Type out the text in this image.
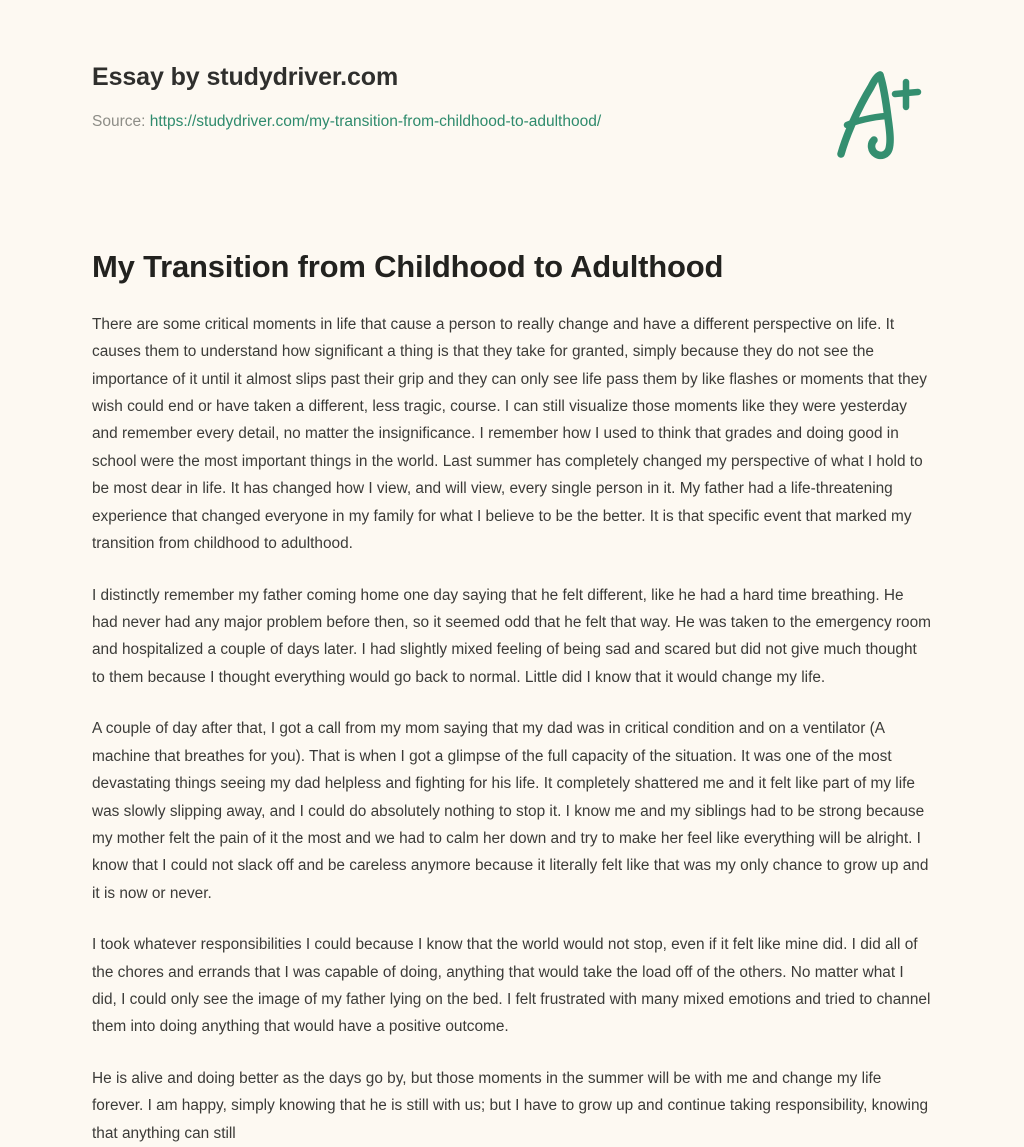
Essay by studydriver.com
Source: https://studydriver.com/my-transition-from-childhood-to-adulthood/
My Transition from Childhood to Adulthood

There are some critical moments in life that cause a person to really change and have a different perspective on life. It causes them to understand how significant a thing is that they take for granted, simply because they do not see the importance of it until it almost slips past their grip and they can only see life pass them by like flashes or moments that they wish could end or have taken a different, less tragic, course. I can still visualize those moments like they were yesterday and remember every detail, no matter the insignificance. I remember how I used to think that grades and doing good in school were the most important things in the world. Last summer has completely changed my perspective of what I hold to be most dear in life. It has changed how I view, and will view, every single person in it. My father had a life-threatening experience that changed everyone in my family for what I believe to be the better. It is that specific event that marked my transition from childhood to adulthood.

I distinctly remember my father coming home one day saying that he felt different, like he had a hard time breathing. He had never had any major problem before then, so it seemed odd that he felt that way. He was taken to the emergency room and hospitalized a couple of days later. I had slightly mixed feeling of being sad and scared but did not give much thought to them because I thought everything would go back to normal. Little did I know that it would change my life.

A couple of day after that, I got a call from my mom saying that my dad was in critical condition and on a ventilator (A machine that breathes for you). That is when I got a glimpse of the full capacity of the situation. It was one of the most devastating things seeing my dad helpless and fighting for his life. It completely shattered me and it felt like part of my life was slowly slipping away, and I could do absolutely nothing to stop it. I know me and my siblings had to be strong because my mother felt the pain of it the most and we had to calm her down and try to make her feel like everything will be alright. I know that I could not slack off and be careless anymore because it literally felt like that was my only chance to grow up and it is now or never.

I took whatever responsibilities I could because I know that the world would not stop, even if it felt like mine did. I did all of the chores and errands that I was capable of doing, anything that would take the load off of the others. No matter what I did, I could only see the image of my father lying on the bed. I felt frustrated with many mixed emotions and tried to channel them into doing anything that would have a positive outcome.

He is alive and doing better as the days go by, but those moments in the summer will be with me and change my life forever. I am happy, simply knowing that he is still with us; but I have to grow up and continue taking responsibility, knowing that anything can still
